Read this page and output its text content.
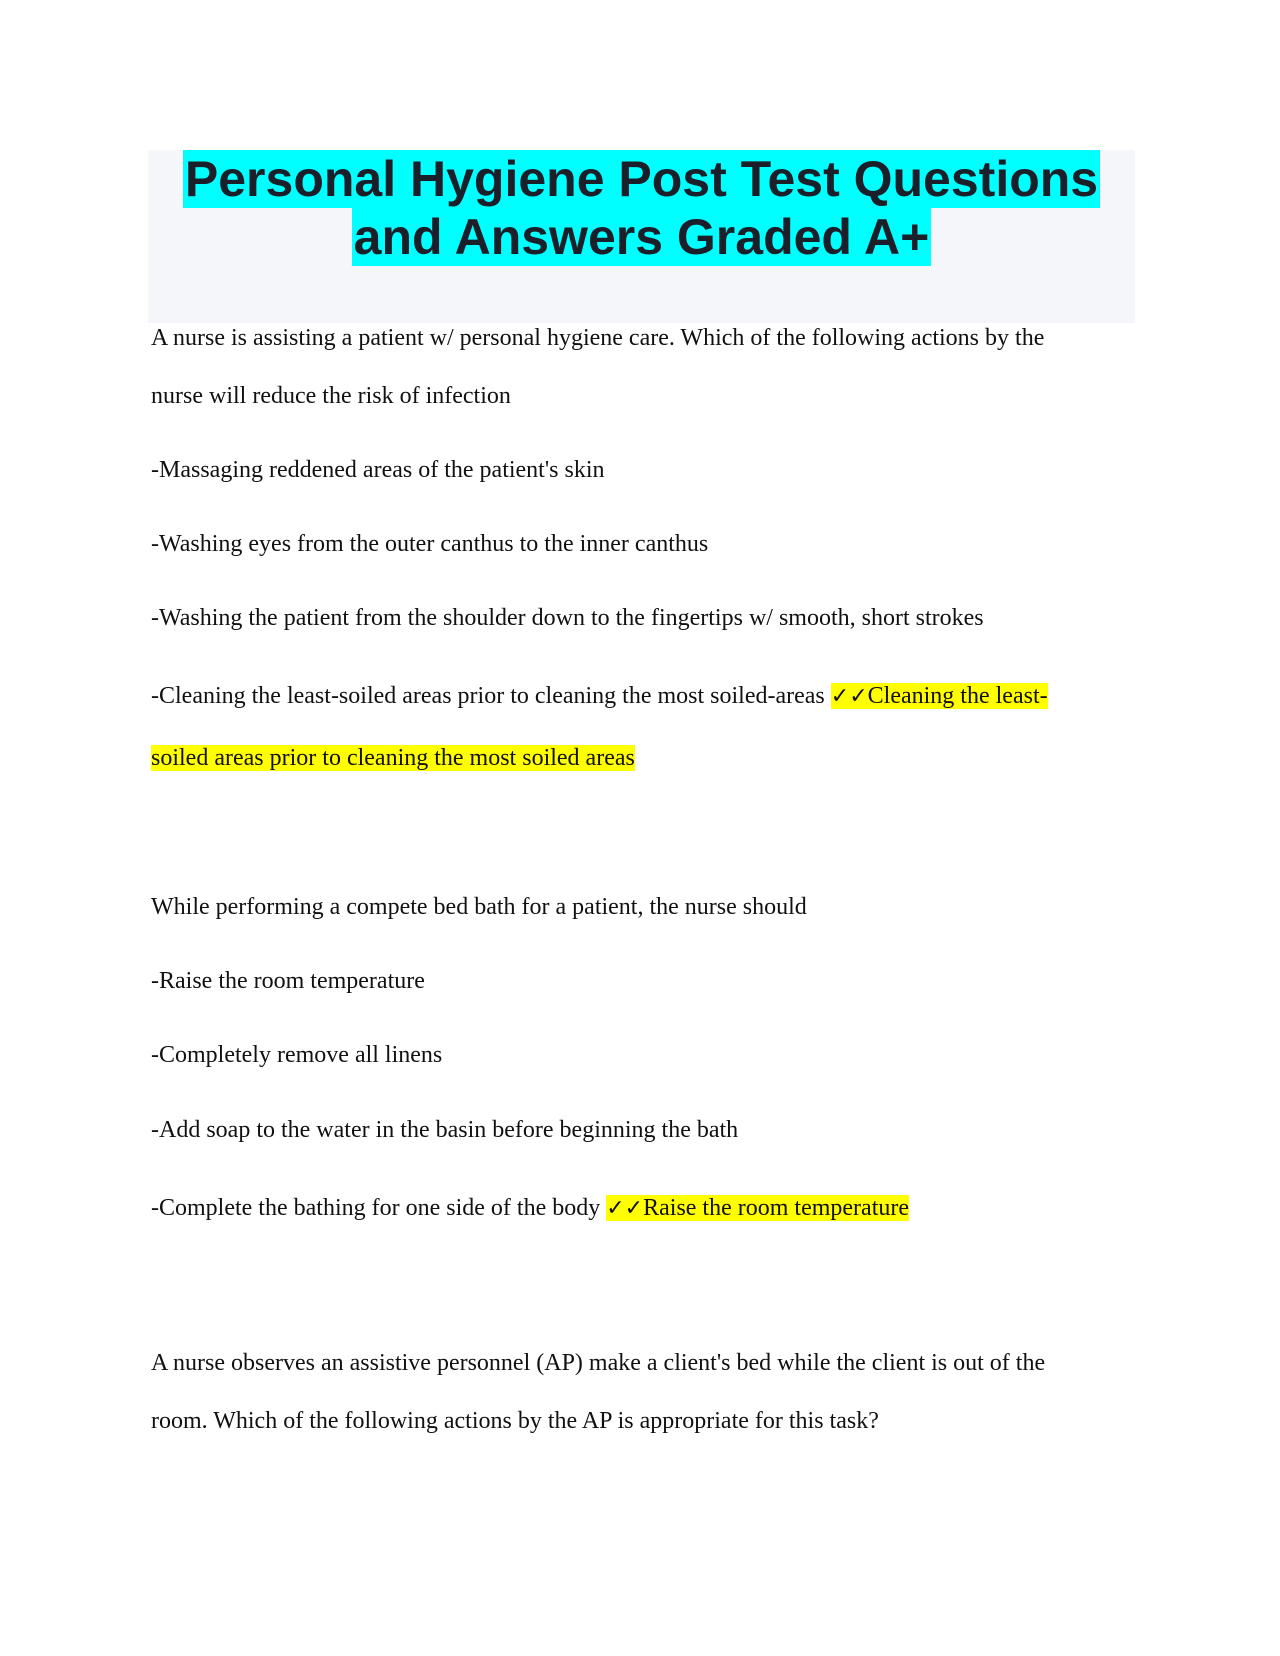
Personal Hygiene Post Test Questions
and Answers Graded A+
A nurse is assisting a patient w/ personal hygiene care. Which of the following actions by the
nurse will reduce the risk of infection
-Massaging reddened areas of the patient's skin
-Washing eyes from the outer canthus to the inner canthus
-Washing the patient from the shoulder down to the fingertips w/ smooth, short strokes
-Cleaning the least-soiled areas prior to cleaning the most soiled-areas ✓✓Cleaning the least-
soiled areas prior to cleaning the most soiled areas
While performing a compete bed bath for a patient, the nurse should
-Raise the room temperature
-Completely remove all linens
-Add soap to the water in the basin before beginning the bath
-Complete the bathing for one side of the body ✓✓Raise the room temperature
A nurse observes an assistive personnel (AP) make a client's bed while the client is out of the
room. Which of the following actions by the AP is appropriate for this task?
